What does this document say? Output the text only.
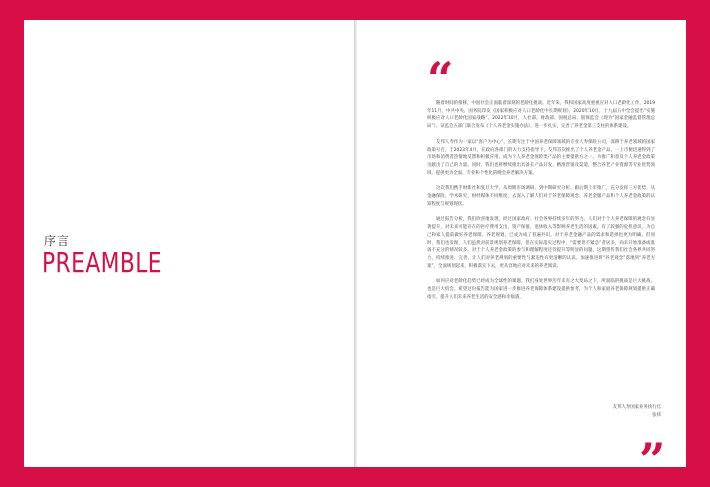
序言
PREAMBLE
“

随着时间的推移，中国社会正面临着深刻的老龄化挑战。近年来，我和国家高度重视应对人口老龄化工作，2019年11月，中共中央、国务院印发《国家积极应对人口老龄化中长期规划》，2020年10月，十九届五中全会提出“实施积极应对人口老龄化国家战略”。2022年10月，人社部、财政部、国税总局、银保监会（现为“国家金融监督管理总局”）、证监会五部门联合发布《个人养老金实施办法》，进一步扎实，完善了养老金第三支柱的体系建设。

友邦人寿作为一家以“客户为中心”、长期专注于中国养老保障领域的专业人寿保险公司，深耕于养老领域的国家政策号召，于2023年4月，在政府各部门的大力支持指导下，友邦首次推出了个人养老金产品，一上市便迅速得到了市场和消费者热情地反馈和积极应用，成为个人养老金保险类产品的主要提供方之一。为推广和普及个人养老金政策贡献出了自己的力量。同时，我们也将继续推出具备长产品开发、精准营销及渠道，整合养老产业资源等专业优势领域，提供更为全面、专业和个性化的晚会养老解决方案。

这次我们携手财新社和复旦大学、从周期市场调研、到中期研究分析、跟后期上市推广，充分发挥三方优势，从金融保险、学术研究、财经媒体不同维度，去深入了解人们对于养老保障观念、养老金服产品和个人养老金政策的认知程度与规划现状。

通过报告分析，我们欣喜地发现，经过国家政府、社会各界持续多年的努力，人们对于个人养老保障的观念有显著提升，对未来可能存在的医疗费用支出、资产保值、退休收入等影响养老生活的因素，有了较强的危机意识，为自己和家人提前做好养老保障、养老规划，已成为成了普遍共识。对于养老金融产品的需求和选择也更为明确。但同时，我们也发现，人们虽然对前景规划养老保障，但在实际落实过程中，“需要但不紧急”者居多，尚未开始准备或准备不充分的情况较多。对于个人养老金政策的参与和理解程度还待提升等明显的问题，这期望传我们社会各界共同努力，持续推进、完善，让人们对养老规划的重要性与紧迫性有更清晰的认识，加速推进将“养老观念”落地到“养老方案”，全面规划起来，积极落实下去，更从容地应对未来的养老阅读。

如何应对老龄化趋势已经成为全球性的课题，我们身处世界历年未有之大变局之下，所面临的挑战是巨大挑战，也是巨大机会。希望这份报告能为国家进一步推进养老保障体系建设提供参考，为个人和家庭养老保障规划提供正确指引，提升人们未来养老生活的安全感和幸福感。

友邦人寿国家业务执行官
张炜
”
